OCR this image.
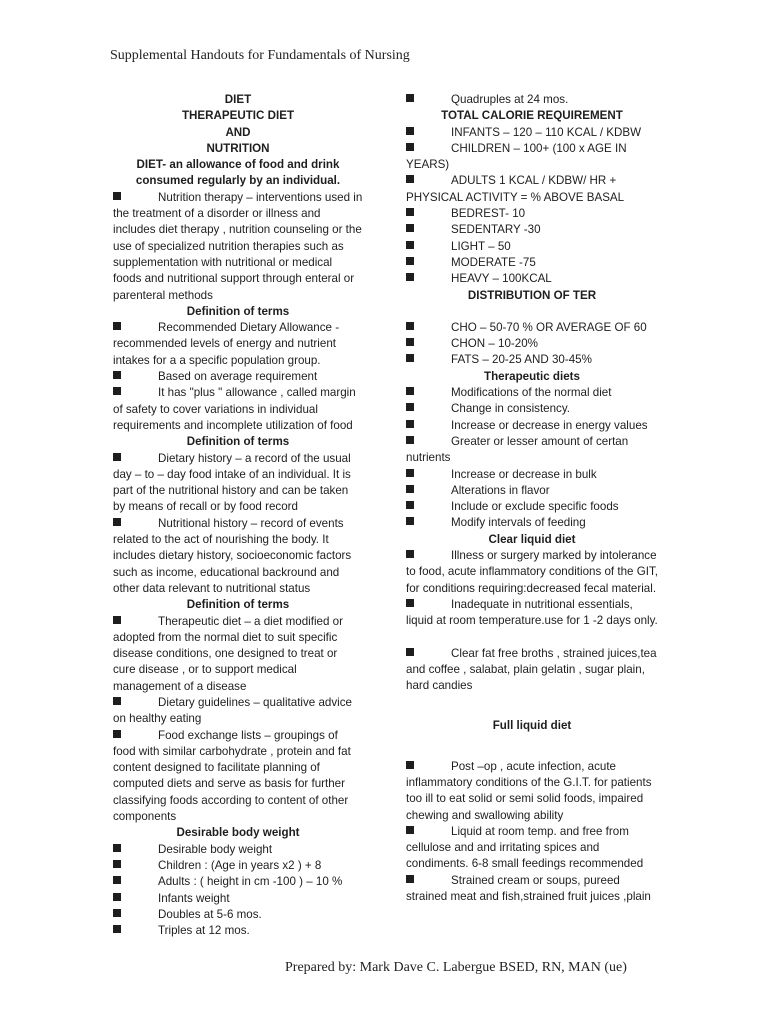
Supplemental Handouts for Fundamentals of Nursing
DIET
THERAPEUTIC DIET
AND
NUTRITION
DIET- an allowance of food and drink consumed regularly by an individual.
Nutrition therapy – interventions used in the treatment of a disorder or illness and includes diet therapy , nutrition counseling or the use of specialized nutrition therapies such as supplementation with nutritional or medical foods and nutritional support through enteral or parenteral methods
Definition of terms
Recommended Dietary Allowance - recommended levels of energy and nutrient intakes for a a specific population group.
Based on average requirement
It has "plus " allowance , called margin of safety to cover variations in individual requirements and incomplete utilization of food
Definition of terms
Dietary history – a record of the usual day – to – day food intake of an individual. It is part of the nutritional history and can be taken by means of recall or by food record
Nutritional history – record of events related to the act of nourishing the body. It includes dietary history, socioeconomic factors such as income, educational backround and other data relevant to nutritional status
Definition of terms
Therapeutic diet – a diet modified or adopted from the normal diet to suit specific disease conditions, one designed to treat or cure disease , or to support medical management of a disease
Dietary guidelines – qualitative advice on healthy eating
Food exchange lists – groupings of food with similar carbohydrate , protein and fat content designed to facilitate planning of computed diets and serve as basis for further classifying foods according to content of other components
Desirable body weight
Desirable body weight
Children : (Age in years x2 ) + 8
Adults : ( height in cm -100 ) – 10 %
Infants weight
Doubles at 5-6 mos.
Triples at 12 mos.
Quadruples at 24 mos.
TOTAL CALORIE REQUIREMENT
INFANTS – 120 – 110 KCAL / KDBW
CHILDREN – 100+ (100 x AGE IN YEARS)
ADULTS 1 KCAL / KDBW/ HR + PHYSICAL ACTIVITY = % ABOVE BASAL
BEDREST- 10
SEDENTARY -30
LIGHT – 50
MODERATE -75
HEAVY – 100KCAL
DISTRIBUTION OF TER
CHO – 50-70 % OR AVERAGE OF 60
CHON – 10-20%
FATS – 20-25 AND 30-45%
Therapeutic diets
Modifications of the normal diet
Change in consistency.
Increase or decrease in energy values
Greater or lesser amount of certan nutrients
Increase or decrease in bulk
Alterations in flavor
Include or exclude specific foods
Modify intervals of feeding
Clear liquid diet
Illness or surgery marked by intolerance to food, acute inflammatory conditions of the GIT, for conditions requiring:decreased fecal material.
Inadequate in nutritional essentials, liquid at room temperature.use for 1 -2 days only.
Clear fat free broths , strained juices,tea and coffee , salabat, plain gelatin , sugar plain, hard candies
Full liquid diet
Post –op , acute infection, acute inflammatory conditions of the G.I.T. for patients too ill to eat solid or semi solid foods, impaired chewing and swallowing ability
Liquid at room temp. and free from cellulose and and irritating spices and condiments. 6-8 small feedings recommended
Strained cream or soups, pureed strained meat and fish,strained fruit juices ,plain
Prepared by: Mark Dave C. Labergue BSED, RN, MAN (ue)
